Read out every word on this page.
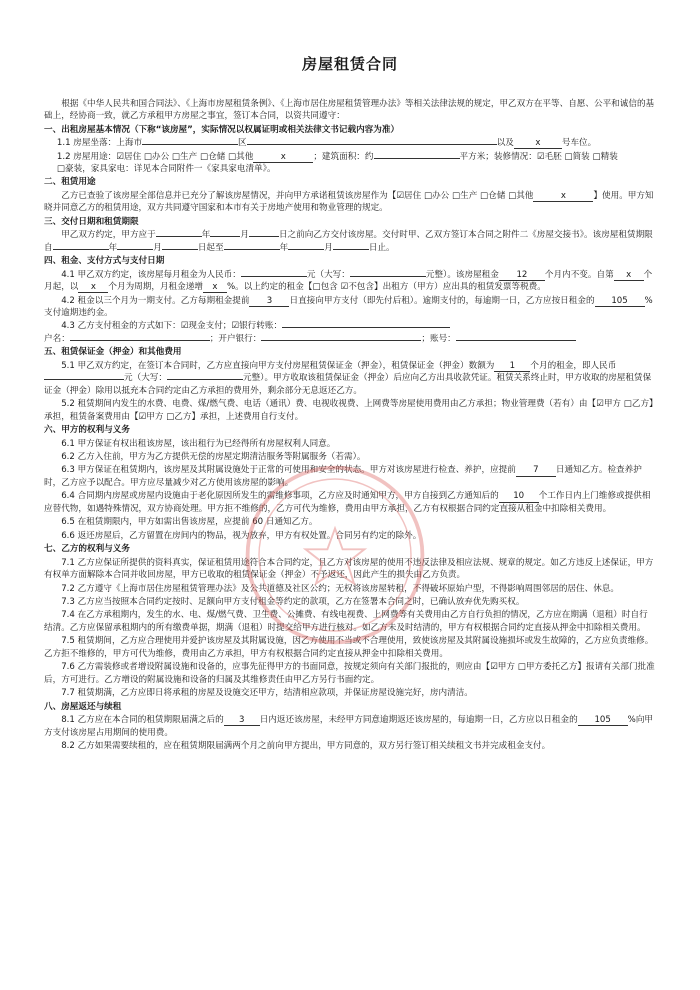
房屋租赁合同
根据《中华人民共和国合同法》、《上海市房屋租赁条例》、《上海市居住房屋租赁管理办法》等相关法律法规的规定，甲乙双方在平等、自愿、公平和诚信的基础上，经协商一致，就乙方承租甲方房屋之事宜，签订本合同，以资共同遵守：
一、出租房屋基本情况（下称“该房屋”，实际情况以权属证明或相关法律文书记载内容为准）
1.1 房屋坐落：上海市	区	以及 x 号车位。
1.2 房屋用途：☑居住 □办公 □生产 □仓储 □其他	x	；建筑面积：约	平方米；装修情况：☑毛胚 □简装 □精装
□豪装，家具家电：详见本合同附件一《家具家电清单》。
二、租赁用途
乙方已查验了该房屋全部信息并已充分了解该房屋情况，并向甲方承诺租赁该房屋作为【☑居住 □办公 □生产 □仓储 □其他	x	】使用。甲方知晓并同意乙方的租赁用途，双方共同遵守国家和本市有关于房地产使用和物业管理的规定。
三、交付日期和租赁期限
甲乙双方约定，甲方应于	年	月	日之前向乙方交付该房屋。交付时甲、乙双方签订本合同之附件二《房屋交接书》。该房屋租赁期限自	年	月	日起至	年	月	日止。
四、租金、支付方式与支付日期
4.1 甲乙双方约定，该房屋每月租金为人民币：	元（大写：	元整）。该房屋租金 12 个月内不变。自第 x 个月起，以 x 个月为周期，月租金递增 x %。以上约定的租金【□包含 ☑不包含】出租方（甲方）应出具的租赁发票等税费。
4.2 租金以三个月为一期支付。乙方每期租金提前 3 日直接向甲方支付（即先付后租）。逾期支付的，每逾期一日，乙方应按日租金的 105 %支付逾期违约金。
4.3 乙方支付租金的方式如下：☑现金支付；☑银行转账：
户名：	；开户银行：	；账号：
五、租赁保证金（押金）和其他费用
5.1 甲乙双方约定，在签订本合同时，乙方应直接向甲方支付房屋租赁保证金（押金），租赁保证金（押金）数额为 1 个月的租金，即人民币元（大写：	元整）。甲方收取该租赁保证金（押金）后应向乙方出具收款凭证。租赁关系终止时，甲方收取的房屋租赁保证金（押金）除用以抵充本合同约定由乙方承担的费用外，剩余部分无息返还乙方。
5.2 租赁期间内发生的水费、电费、煤/燃气费、电话（通讯）费、电视收视费、上网费等房屋使用费用由乙方承担；物业管理费（若有）由【☑甲方 □乙方】承担，租赁备案费用由【☑甲方 □乙方】承担，上述费用自行支付。
六、甲方的权利与义务
6.1 甲方保证有权出租该房屋，该出租行为已经得所有房屋权利人同意。
6.2 乙方入住前，甲方为乙方提供无偿的房屋定期清洁服务等附属服务（若需）。
6.3 甲方保证在租赁期内，该房屋及其附属设施处于正常的可使用和安全的状态。甲方对该房屋进行检查、养护，应提前 7 日通知乙方。检查养护时，乙方应予以配合。甲方应尽量减少对乙方使用该房屋的影响。
6.4 合同期内房屋或房屋内设施由于老化原因所发生的需维修事项，乙方应及时通知甲方，甲方自接到乙方通知后的 10 个工作日内上门维修或提供相应替代物，如遇特殊情况，双方协商处理。甲方拒不维修的，乙方可代为维修，费用由甲方承担，乙方有权根据合同约定直接从租金中扣除相关费用。
6.5 在租赁期限内，甲方如需出售该房屋，应提前 60 日通知乙方。
6.6 返还房屋后，乙方留置在房间内的物品，视为放弃，甲方有权处置。合同另有约定的除外。
七、乙方的权利与义务
7.1 乙方应保证所提供的资料真实，保证租赁用途符合本合同约定，且乙方对该房屋的使用不违反法律及相应法规、规章的规定。如乙方违反上述保证，甲方有权单方面解除本合同并收回房屋，甲方已收取的租赁保证金（押金）不予返还，因此产生的损失由乙方负责。
7.2 乙方遵守《上海市居住房屋租赁管理办法》及公共道德及社区公约；无权将该房屋转租，不得破坏原始户型，不得影响周围邻居的居住、休息。
7.3 乙方应当按照本合同约定按时、足额向甲方支付租金等约定的款项，乙方在签署本合同之时，已确认放弃优先购买权。
7.4 在乙方承租期内，发生的水、电、煤/燃气费、卫生费、公摊费、有线电视费、上网费等有关费用由乙方自行负担的情况，乙方应在期满（退租）时自行结清。乙方应保留承租期内的所有缴费单据，期满（退租）时提交给甲方进行核对。如乙方未及时结清的，甲方有权根据合同约定直接从押金中扣除相关费用。
7.5 租赁期间，乙方应合理使用并爱护该房屋及其附属设施，因乙方使用不当或不合理使用，致使该房屋及其附属设施损坏或发生故障的，乙方应负责维修。乙方拒不维修的，甲方可代为维修，费用由乙方承担，甲方有权根据合同约定直接从押金中扣除相关费用。
7.6 乙方需装修或者增设附属设施和设备的，应事先征得甲方的书面同意，按规定须向有关部门报批的，则应由【☑甲方 □甲方委托乙方】报请有关部门批准后，方可进行。乙方增设的附属设施和设备的归属及其维修责任由甲乙方另行书面约定。
7.7 租赁期满，乙方应即日将承租的房屋及设施交还甲方，结清相应款项，并保证房屋设施完好，房内清洁。
八、房屋返还与续租
8.1 乙方应在本合同的租赁期限届满之后的 3 日内返还该房屋，未经甲方同意逾期返还该房屋的，每逾期一日，乙方应以日租金的 105 %向甲方支付该房屋占用期间的使用费。
8.2 乙方如果需要续租的，应在租赁期限届满两个月之前向甲方提出，甲方同意的，双方另行签订相关续租文书并完成租金支付。
